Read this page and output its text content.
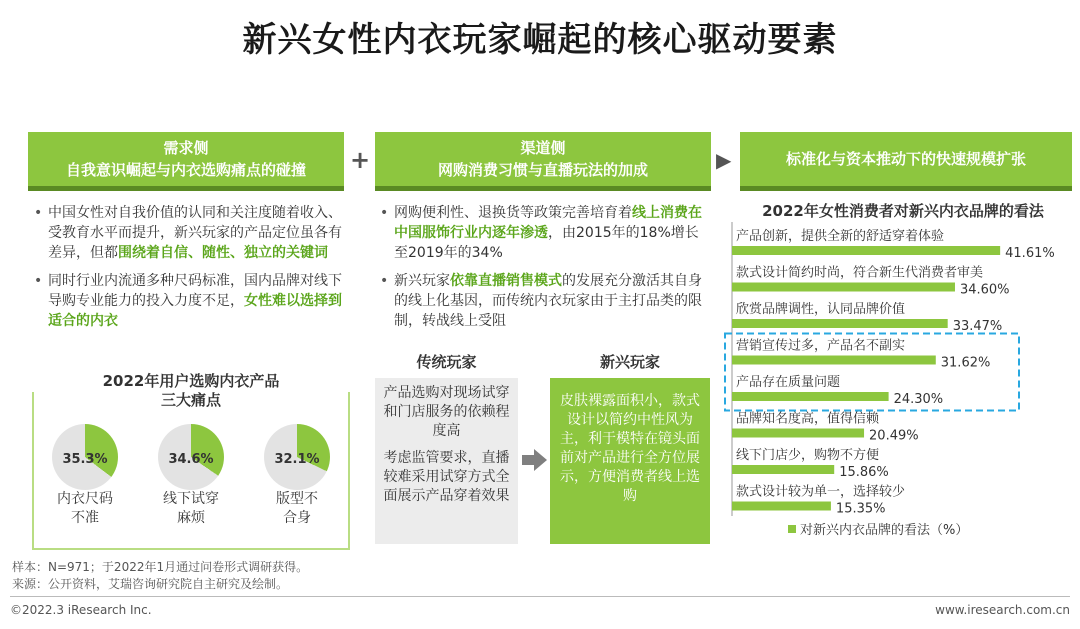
新兴女性内衣玩家崛起的核心驱动要素
需求侧
自我意识崛起与内衣选购痛点的碰撞	+	渠道侧
网购消费习惯与直播玩法的加成	▶	标准化与资本推动下的快速规模扩张
• 中国女性对自我价值的认同和关注度随着收入、受教育水平而提升，新兴玩家的产品定位虽各有差异，但都围绕着自信、随性、独立的关键词
• 同时行业内流通多种尺码标准，国内品牌对线下导购专业能力的投入力度不足，女性难以选择到适合的内衣
2022年用户选购内衣产品
三大痛点
35.3%
内衣尺码
不准
34.6%
线下试穿
麻烦
32.1%
版型不
合身
• 网购便利性、退换货等政策完善培育着线上消费在中国服饰行业内逐年渗透，由2015年的18%增长至2019年的34%
• 新兴玩家依靠直播销售模式的发展充分激活其自身的线上化基因，而传统内衣玩家由于主打品类的限制，转战线上受阻
传统玩家	新兴玩家

产品选购对现场试穿和门店服务的依赖程度高

考虑监管要求，直播较难采用试穿方式全面展示产品穿着效果

皮肤裸露面积小，款式设计以简约中性风为主，利于模特在镜头面前对产品进行全方位展示，方便消费者线上选购
2022年女性消费者对新兴内衣品牌的看法
产品创新，提供全新的舒适穿着体验
41.61%
款式设计简约时尚，符合新生代消费者审美
34.60%
欣赏品牌调性，认同品牌价值
33.47%
营销宣传过多，产品名不副实
31.62%
产品存在质量问题
24.30%
品牌知名度高，值得信赖
20.49%
线下门店少，购物不方便
15.86%
款式设计较为单一，选择较少
15.35%
对新兴内衣品牌的看法（%）
样本：N=971；于2022年1月通过问卷形式调研获得。
来源：公开资料，艾瑞咨询研究院自主研究及绘制。
©2022.3 iResearch Inc.	www.iresearch.com.cn
